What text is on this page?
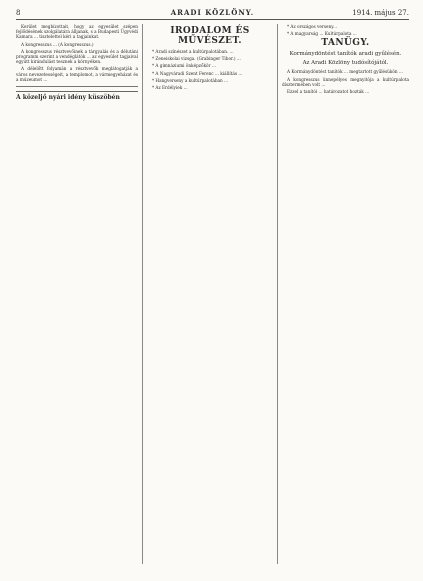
8	ARADI KÖZLÖNY.	1914. május 27.

Kerület megbízottait, hogy az egyesület szépen fejlődésének szolgálatára álljanak, s a Budapesti Ügyvédi Kamara ... tisztelettel kéri a tagjainkat.

A kongresszus ... (A kongresszus.)

A kongresszus résztvevőinek a tárgyalás és a délutáni programm szerint a vendéglátók ... az egyesület tagjaival együtt kirándulást tesznek a környéken.

A délelőtt folyamán a résztvevők meglátogatják a város nevezetességeit, a templomot, a vármegyeházat és a múzeumot ...

A közeljő nyári idény küszöbén
IRODALOM ÉS MŰVÉSZET.

* Aradi színészet a kultúrpalotában. ...

* Zeneiskolai vizsga. (Grabinger Tibor.) ...

* A gimnáziumi önképzőkör ...

* A Nagyváradi Szent Ferenc ... kiállítás ...

* Hangverseny a kultúrpalotában ...

* Az Erdélyiek ...

* Az országos verseny...

* A magyarság ... Kultúrpalota ...

TANÜGY.
Kormánydöntést tanítók aradi gyűlésén.
Az Aradi Közlöny tudósítójától.

A Kormánydöntést tanítók ... megtartott gyűlésükön ...

A kongresszus ünnepélyes megnyitója a kultúrpalota dísztermében volt ...

Ezzel a tanítói ... határozatot hozták ...
